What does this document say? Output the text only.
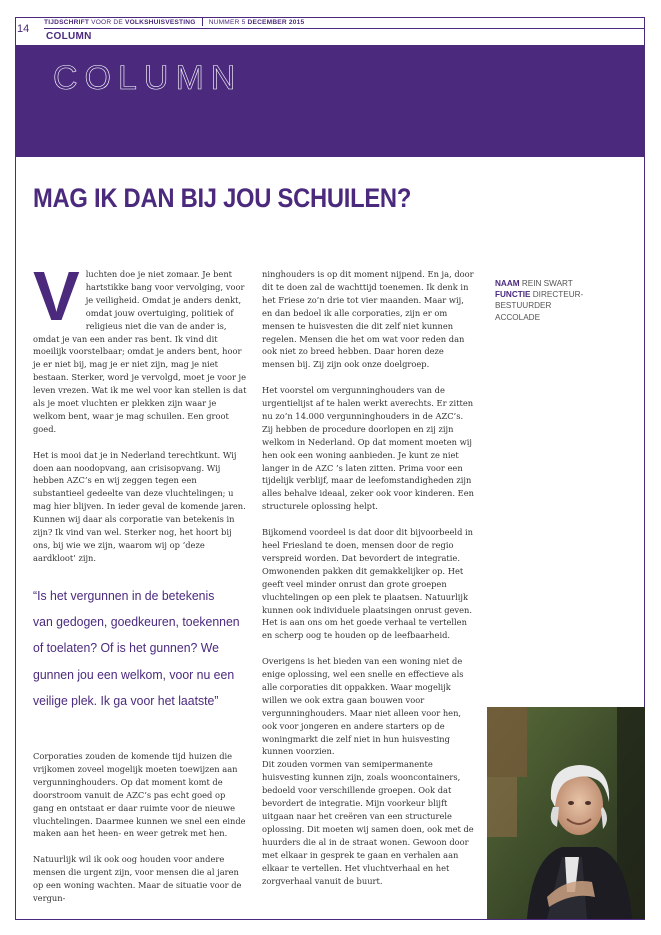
14
TIJDSCHRIFT VOOR DE VOLKSHUISVESTING NUMMER 5 DECEMBER 2015
COLUMN
COLUMN
MAG IK DAN BIJ JOU SCHUILEN?

Vluchten doe je niet zomaar. Je bent hartstikke bang voor vervolging, voor je veiligheid. Omdat je anders denkt, omdat jouw overtuiging, politiek of religieus niet die van de ander is, omdat je van een ander ras bent. Ik vind dit moeilijk voorstelbaar; omdat je anders bent, hoor je er niet bij, mag je er niet zijn, mag je niet bestaan. Sterker, word je vervolgd, moet je voor je leven vrezen. Wat ik me wel voor kan stellen is dat als je moet vluchten er plekken zijn waar je welkom bent, waar je mag schuilen. Een groot goed.

Het is mooi dat je in Nederland terechtkunt. Wij doen aan noodopvang, aan crisisopvang. Wij hebben AZC’s en wij zeggen tegen een substantieel gedeelte van deze vluchtelingen; u mag hier blijven. In ieder geval de komende jaren. Kunnen wij daar als corporatie van betekenis in zijn? Ik vind van wel. Sterker nog, het hoort bij ons, bij wie we zijn, waarom wij op ‘deze aardkloot’ zijn.

“Is het vergunnen in de betekenis
van gedogen, goedkeuren, toekennen
of toelaten? Of is het gunnen? We
gunnen jou een welkom, voor nu een
veilige plek. Ik ga voor het laatste”

Corporaties zouden de komende tijd huizen die vrijkomen zoveel mogelijk moeten toewijzen aan vergunninghouders. Op dat moment komt de doorstroom vanuit de AZC’s pas echt goed op gang en ontstaat er daar ruimte voor de nieuwe vluchtelingen. Daarmee kunnen we snel een einde maken aan het heen- en weer getrek met hen.

Natuurlijk wil ik ook oog houden voor andere mensen die urgent zijn, voor mensen die al jaren op een woning wachten. Maar de situatie voor de vergun-

ninghouders is op dit moment nijpend. En ja, door dit te doen zal de wachttijd toenemen. Ik denk in het Friese zo’n drie tot vier maanden. Maar wij, en dan bedoel ik alle corporaties, zijn er om mensen te huisvesten die dit zelf niet kunnen regelen. Mensen die het om wat voor reden dan ook niet zo breed hebben. Daar horen deze mensen bij. Zij zijn ook onze doelgroep.

Het voorstel om vergunninghouders van de urgentielijst af te halen werkt averechts. Er zitten nu zo’n 14.000 vergunninghouders in de AZC’s. Zij hebben de procedure doorlopen en zij zijn welkom in Nederland. Op dat moment moeten wij hen ook een woning aanbieden. Je kunt ze niet langer in de AZC ’s laten zitten. Prima voor een tijdelijk verblijf, maar de leefomstandigheden zijn alles behalve ideaal, zeker ook voor kinderen. Een structurele oplossing helpt.

Bijkomend voordeel is dat door dit bijvoorbeeld in heel Friesland te doen, mensen door de regio verspreid worden. Dat bevordert de integratie. Omwonenden pakken dit gemakkelijker op. Het geeft veel minder onrust dan grote groepen vluchtelingen op een plek te plaatsen. Natuurlijk kunnen ook individuele plaatsingen onrust geven. Het is aan ons om het goede verhaal te vertellen en scherp oog te houden op de leefbaarheid.

Overigens is het bieden van een woning niet de enige oplossing, wel een snelle en effectieve als alle corporaties dit oppakken. Waar mogelijk willen we ook extra gaan bouwen voor vergunninghouders. Maar niet alleen voor hen, ook voor jongeren en andere starters op de woningmarkt die zelf niet in hun huisvesting kunnen voorzien.

Dit zouden vormen van semipermanente huisvesting kunnen zijn, zoals wooncontainers, bedoeld voor verschillende groepen. Ook dat bevordert de integratie. Mijn voorkeur blijft uitgaan naar het creëren van een structurele oplossing. Dit moeten wij samen doen, ook met de huurders die al in de straat wonen. Gewoon door met elkaar in gesprek te gaan en verhalen aan elkaar te vertellen. Het vluchtverhaal en het zorgverhaal vanuit de buurt.

NAAM REIN SWART
FUNCTIE DIRECTEUR-BESTUURDER
ACCOLADE
